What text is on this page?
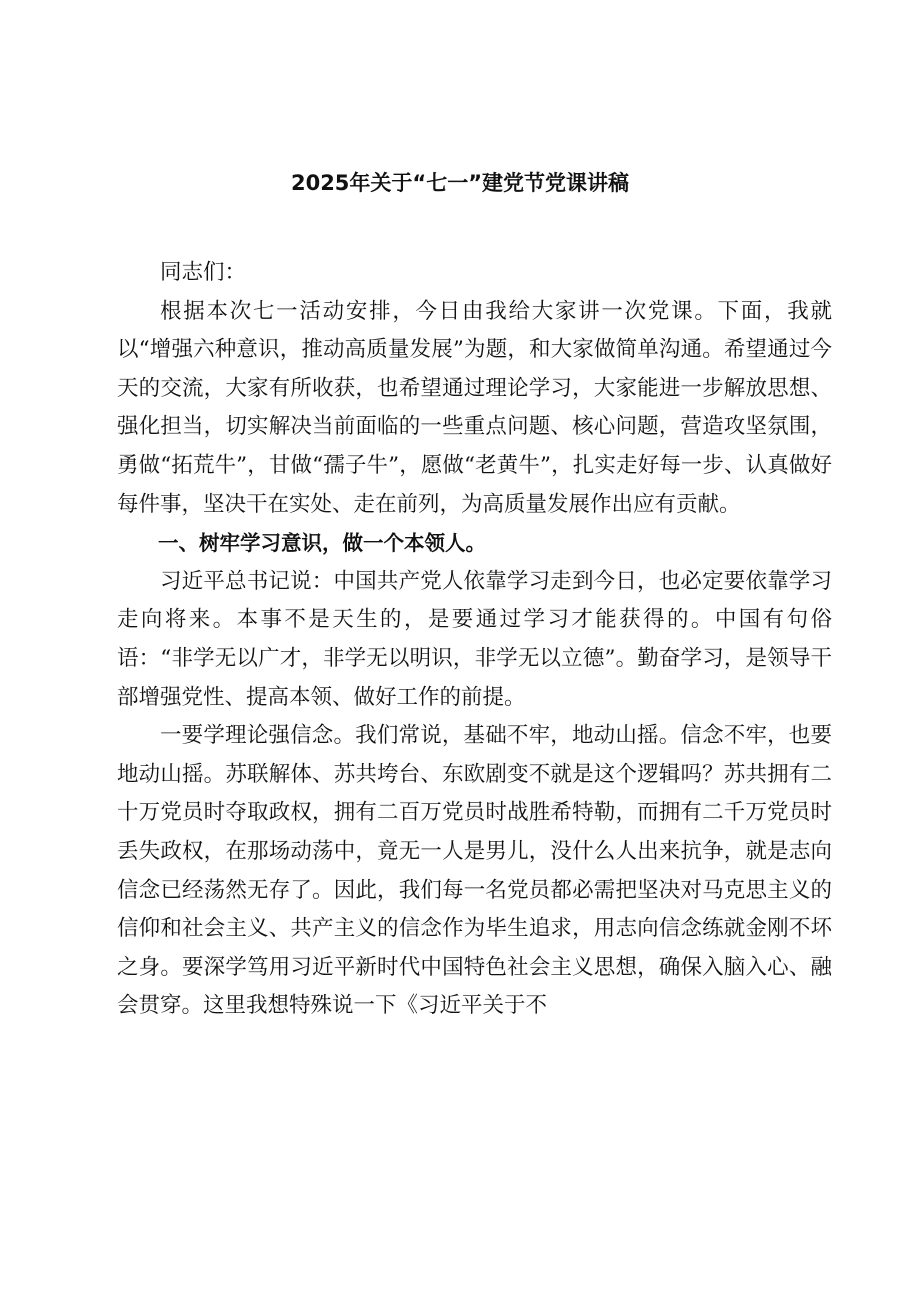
2025年关于“七一”建党节党课讲稿

同志们：

根据本次七一活动安排，今日由我给大家讲一次党课。下面，我就以“增强六种意识，推动高质量发展”为题，和大家做简单沟通。希望通过今天的交流，大家有所收获，也希望通过理论学习，大家能进一步解放思想、强化担当，切实解决当前面临的一些重点问题、核心问题，营造攻坚氛围，勇做“拓荒牛”，甘做“孺子牛”，愿做“老黄牛”，扎实走好每一步、认真做好每件事，坚决干在实处、走在前列，为高质量发展作出应有贡献。

一、树牢学习意识，做一个本领人。

习近平总书记说：中国共产党人依靠学习走到今日，也必定要依靠学习走向将来。本事不是天生的，是要通过学习才能获得的。中国有句俗语：“非学无以广才，非学无以明识，非学无以立德”。勤奋学习，是领导干部增强党性、提高本领、做好工作的前提。

一要学理论强信念。我们常说，基础不牢，地动山摇。信念不牢，也要地动山摇。苏联解体、苏共垮台、东欧剧变不就是这个逻辑吗？苏共拥有二十万党员时夺取政权，拥有二百万党员时战胜希特勒，而拥有二千万党员时丢失政权，在那场动荡中，竟无一人是男儿，没什么人出来抗争，就是志向信念已经荡然无存了。因此，我们每一名党员都必需把坚决对马克思主义的信仰和社会主义、共产主义的信念作为毕生追求，用志向信念练就金刚不坏之身。要深学笃用习近平新时代中国特色社会主义思想，确保入脑入心、融会贯穿。这里我想特殊说一下《习近平关于不
